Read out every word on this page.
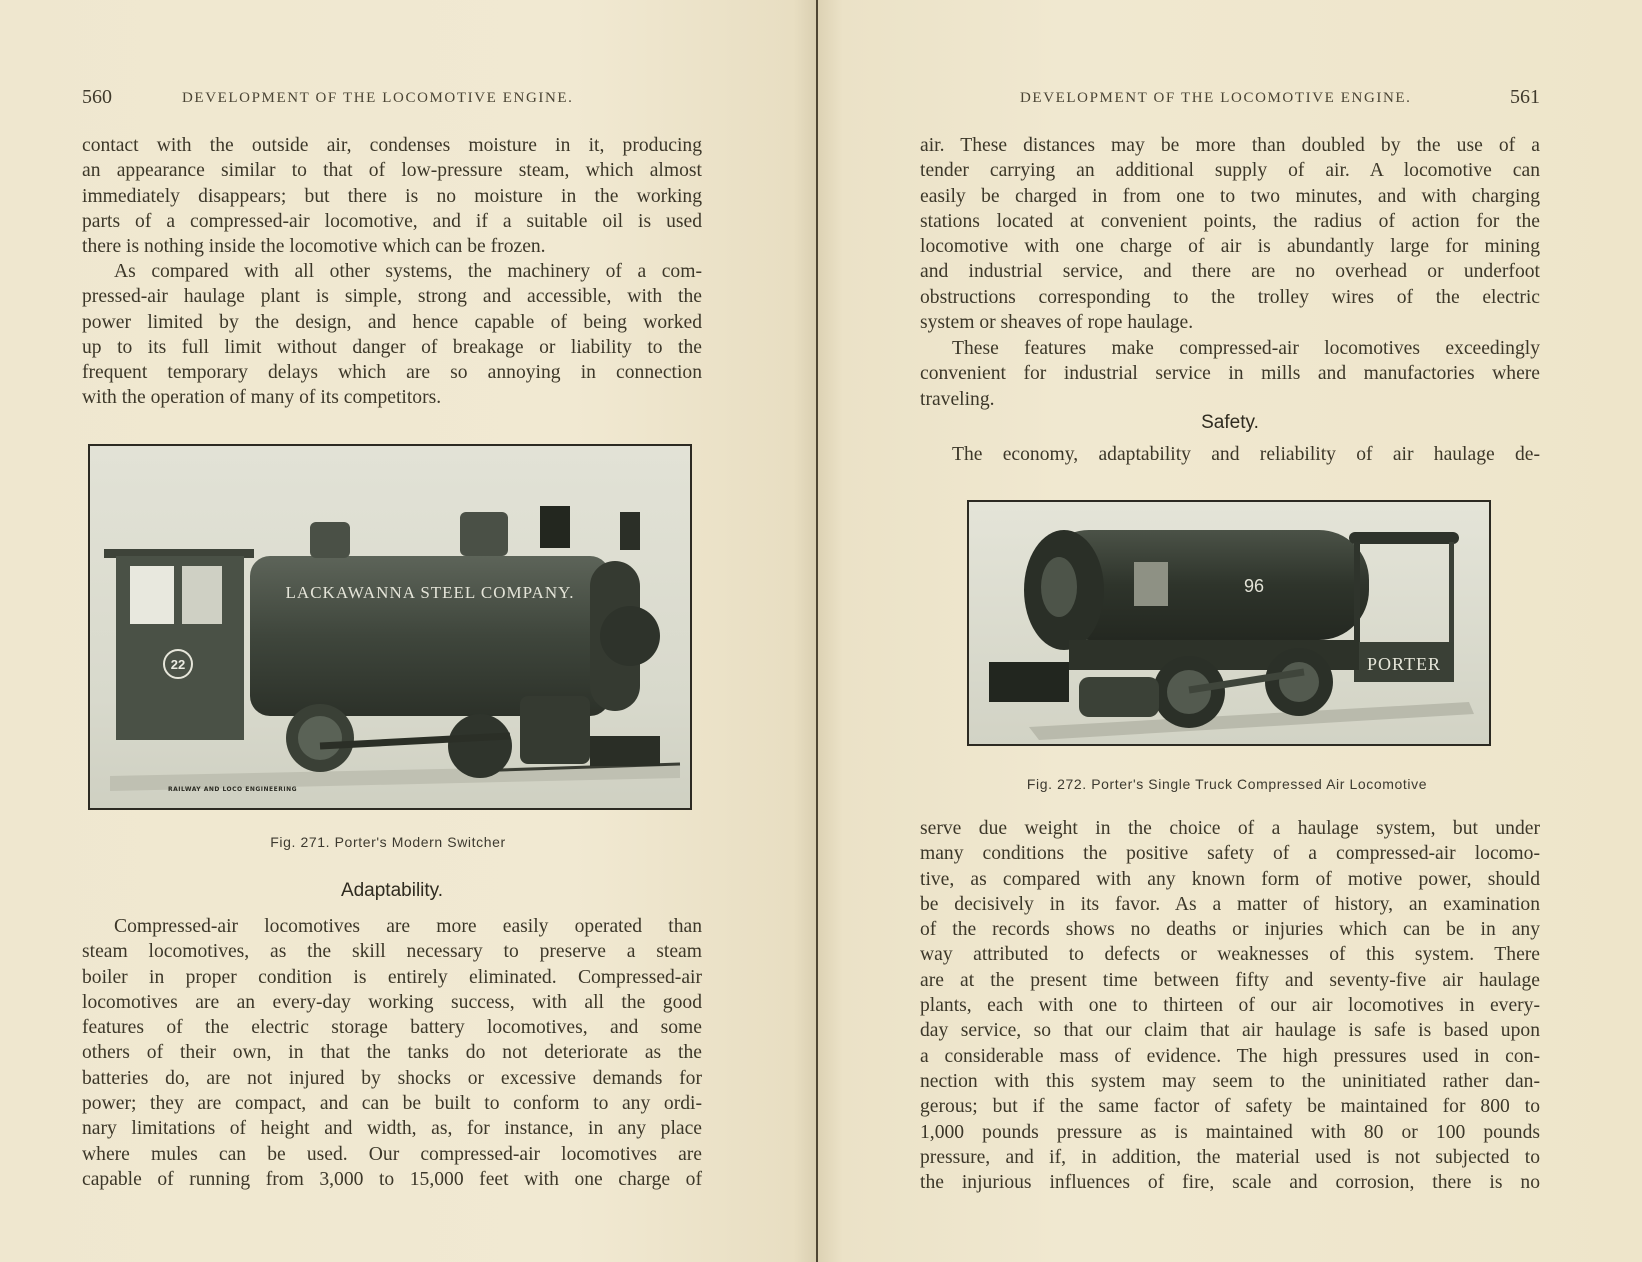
560	DEVELOPMENT OF THE LOCOMOTIVE ENGINE.
contact with the outside air, condenses moisture in it, producing
an appearance similar to that of low-pressure steam, which almost
immediately disappears; but there is no moisture in the working
parts of a compressed-air locomotive, and if a suitable oil is used
there is nothing inside the locomotive which can be frozen.
As compared with all other systems, the machinery of a com-
pressed-air haulage plant is simple, strong and accessible, with the
power limited by the design, and hence capable of being worked
up to its full limit without danger of breakage or liability to the
frequent temporary delays which are so annoying in connection
with the operation of many of its competitors.
22
LACKAWANNA STEEL COMPANY.
RAILWAY AND LOCO ENGINEERING
Fig. 271. Porter's Modern Switcher
Adaptability.
Compressed-air locomotives are more easily operated than
steam locomotives, as the skill necessary to preserve a steam
boiler in proper condition is entirely eliminated. Compressed-air
locomotives are an every-day working success, with all the good
features of the electric storage battery locomotives, and some
others of their own, in that the tanks do not deteriorate as the
batteries do, are not injured by shocks or excessive demands for
power; they are compact, and can be built to conform to any ordi-
nary limitations of height and width, as, for instance, in any place
where mules can be used. Our compressed-air locomotives are
capable of running from 3,000 to 15,000 feet with one charge of
DEVELOPMENT OF THE LOCOMOTIVE ENGINE.	561
air. These distances may be more than doubled by the use of a
tender carrying an additional supply of air. A locomotive can
easily be charged in from one to two minutes, and with charging
stations located at convenient points, the radius of action for the
locomotive with one charge of air is abundantly large for mining
and industrial service, and there are no overhead or underfoot
obstructions corresponding to the trolley wires of the electric
system or sheaves of rope haulage.
These features make compressed-air locomotives exceedingly
convenient for industrial service in mills and manufactories where
traveling.
Safety.
The economy, adaptability and reliability of air haulage de-
PORTER
96
Fig. 272. Porter's Single Truck Compressed Air Locomotive
serve due weight in the choice of a haulage system, but under
many conditions the positive safety of a compressed-air locomo-
tive, as compared with any known form of motive power, should
be decisively in its favor. As a matter of history, an examination
of the records shows no deaths or injuries which can be in any
way attributed to defects or weaknesses of this system. There
are at the present time between fifty and seventy-five air haulage
plants, each with one to thirteen of our air locomotives in every-
day service, so that our claim that air haulage is safe is based upon
a considerable mass of evidence. The high pressures used in con-
nection with this system may seem to the uninitiated rather dan-
gerous; but if the same factor of safety be maintained for 800 to
1,000 pounds pressure as is maintained with 80 or 100 pounds
pressure, and if, in addition, the material used is not subjected to
the injurious influences of fire, scale and corrosion, there is no
